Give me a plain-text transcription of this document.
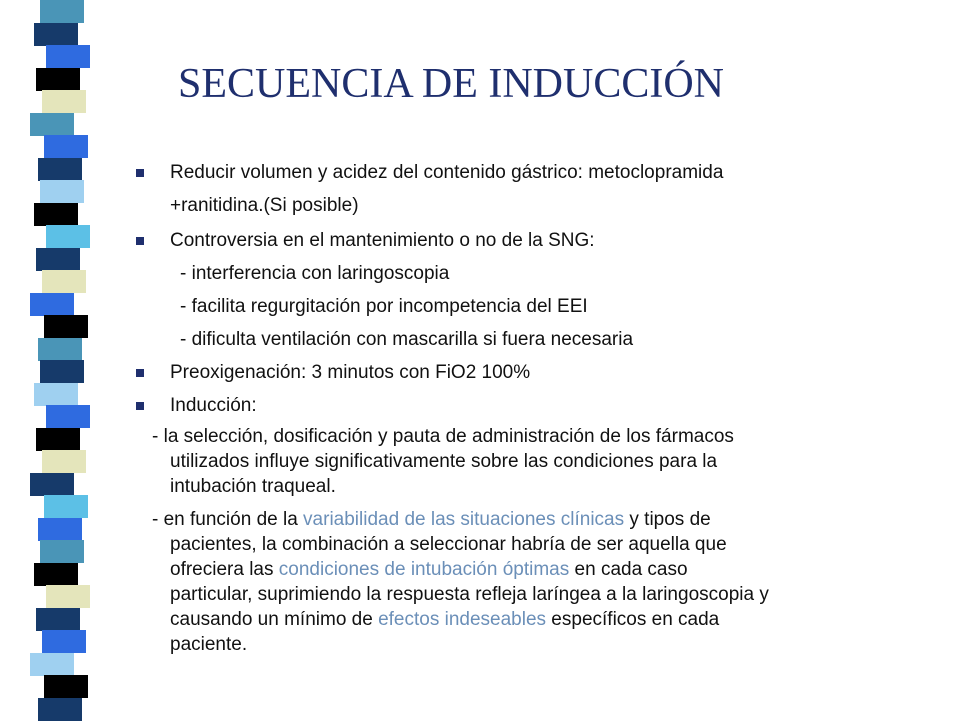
SECUENCIA DE INDUCCIÓN
Reducir volumen y acidez del contenido gástrico: metoclopramida
+ranitidina.(Si posible)
Controversia en el mantenimiento o no de la SNG:
- interferencia con laringoscopia
- facilita regurgitación por incompetencia del EEI
- dificulta ventilación con mascarilla si fuera necesaria
Preoxigenación: 3 minutos con FiO2 100%
Inducción:
- la selección, dosificación y pauta de administración de los fármacos
utilizados influye significativamente sobre las condiciones para la
intubación traqueal.
- en función de la variabilidad de las situaciones clínicas y tipos de
pacientes, la combinación a seleccionar habría de ser aquella que
ofreciera las condiciones de intubación óptimas en cada caso
particular, suprimiendo la respuesta refleja laríngea a la laringoscopia y
causando un mínimo de efectos indeseables específicos en cada
paciente.
